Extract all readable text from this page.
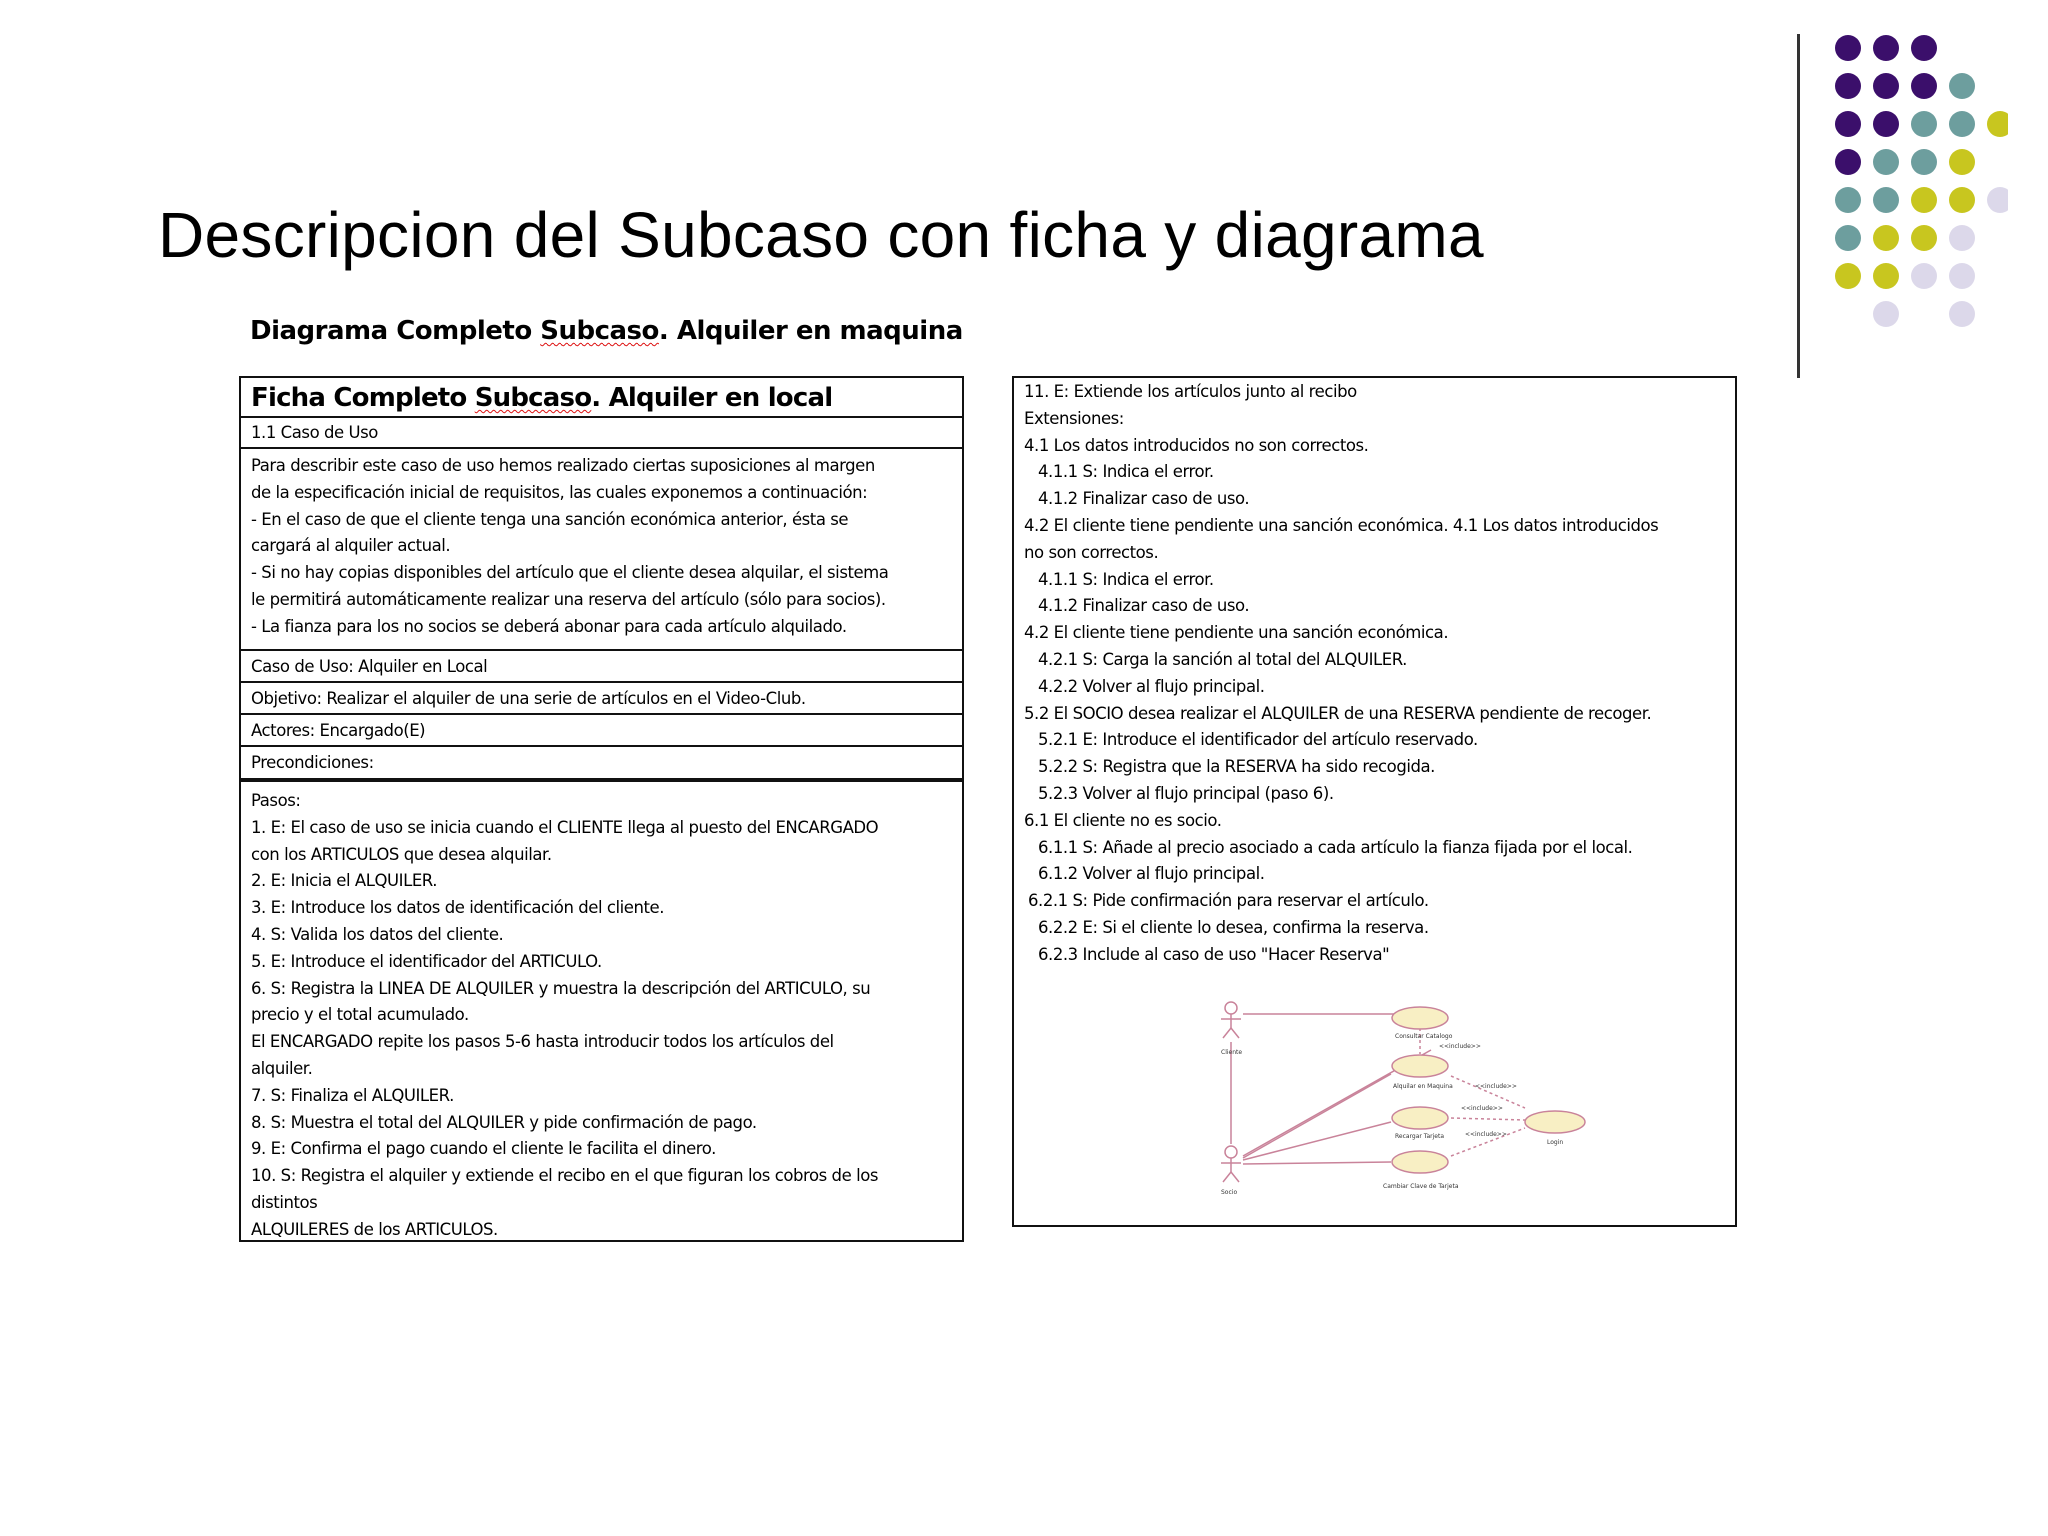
Descripcion del Subcaso con ficha y diagrama
Diagrama Completo Subcaso. Alquiler en maquina
Ficha Completo Subcaso. Alquiler en local
1.1 Caso de Uso
Para describir este caso de uso hemos realizado ciertas suposiciones al margen
de la especificación inicial de requisitos, las cuales exponemos a continuación:
- En el caso de que el cliente tenga una sanción económica anterior, ésta se
cargará al alquiler actual.
- Si no hay copias disponibles del artículo que el cliente desea alquilar, el sistema
le permitirá automáticamente realizar una reserva del artículo (sólo para socios).
- La fianza para los no socios se deberá abonar para cada artículo alquilado.
Caso de Uso: Alquiler en Local
Objetivo: Realizar el alquiler de una serie de artículos en el Video-Club.
Actores: Encargado(E)
Precondiciones:
Pasos:
1. E: El caso de uso se inicia cuando el CLIENTE llega al puesto del ENCARGADO
con los ARTICULOS que desea alquilar.
2. E: Inicia el ALQUILER.
3. E: Introduce los datos de identificación del cliente.
4. S: Valida los datos del cliente.
5. E: Introduce el identificador del ARTICULO.
6. S: Registra la LINEA DE ALQUILER y muestra la descripción del ARTICULO, su
precio y el total acumulado.
El ENCARGADO repite los pasos 5-6 hasta introducir todos los artículos del
alquiler.
7. S: Finaliza el ALQUILER.
8. S: Muestra el total del ALQUILER y pide confirmación de pago.
9. E: Confirma el pago cuando el cliente le facilita el dinero.
10. S: Registra el alquiler y extiende el recibo en el que figuran los cobros de los
distintos
ALQUILERES de los ARTICULOS.
11. E: Extiende los artículos junto al recibo
Extensiones:
4.1 Los datos introducidos no son correctos.
4.1.1 S: Indica el error.
4.1.2 Finalizar caso de uso.
4.2 El cliente tiene pendiente una sanción económica. 4.1 Los datos introducidos
no son correctos.
4.1.1 S: Indica el error.
4.1.2 Finalizar caso de uso.
4.2 El cliente tiene pendiente una sanción económica.
4.2.1 S: Carga la sanción al total del ALQUILER.
4.2.2 Volver al flujo principal.
5.2 El SOCIO desea realizar el ALQUILER de una RESERVA pendiente de recoger.
5.2.1 E: Introduce el identificador del artículo reservado.
5.2.2 S: Registra que la RESERVA ha sido recogida.
5.2.3 Volver al flujo principal (paso 6).
6.1 El cliente no es socio.
6.1.1 S: Añade al precio asociado a cada artículo la fianza fijada por el local.
6.1.2 Volver al flujo principal.
6.2.1 S: Pide confirmación para reservar el artículo.
6.2.2 E: Si el cliente lo desea, confirma la reserva.
6.2.3 Include al caso de uso "Hacer Reserva"
Cliente
Socio
Consultar Catalogo
<<include>>
Alquilar en Maquina	<<include>>
Recargar Tarjeta
<<include>>
<<include>>
Cambiar Clave de Tarjeta
Login
